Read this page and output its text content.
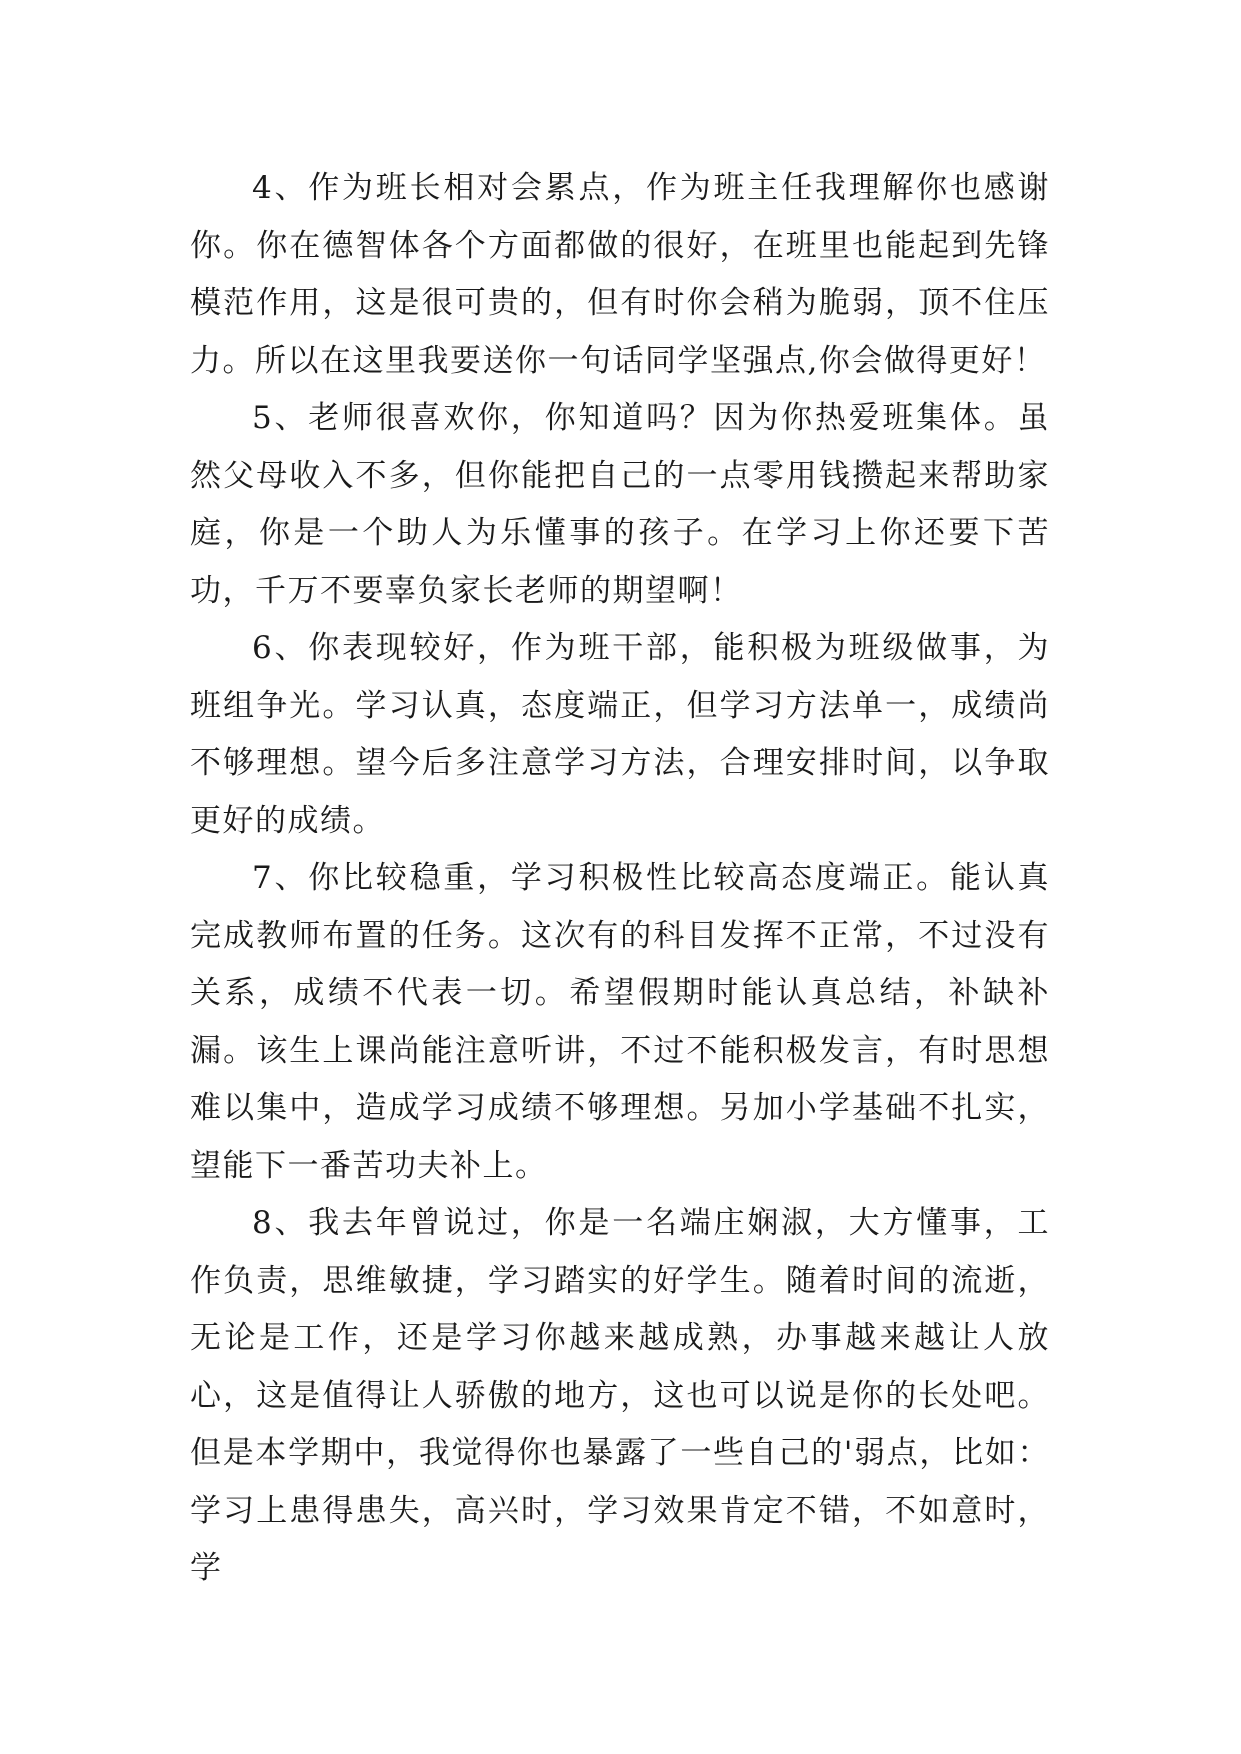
4、作为班长相对会累点，作为班主任我理解你也感谢你。你在德智体各个方面都做的很好，在班里也能起到先锋模范作用，这是很可贵的，但有时你会稍为脆弱，顶不住压力。所以在这里我要送你一句话同学坚强点,你会做得更好！

5、老师很喜欢你，你知道吗？因为你热爱班集体。虽然父母收入不多，但你能把自己的一点零用钱攒起来帮助家庭，你是一个助人为乐懂事的孩子。在学习上你还要下苦功，千万不要辜负家长老师的期望啊！

6、你表现较好，作为班干部，能积极为班级做事，为班组争光。学习认真，态度端正，但学习方法单一，成绩尚不够理想。望今后多注意学习方法，合理安排时间，以争取更好的成绩。

7、你比较稳重，学习积极性比较高态度端正。能认真完成教师布置的任务。这次有的科目发挥不正常，不过没有关系，成绩不代表一切。希望假期时能认真总结，补缺补漏。该生上课尚能注意听讲，不过不能积极发言，有时思想难以集中，造成学习成绩不够理想。另加小学基础不扎实，望能下一番苦功夫补上。

8、我去年曾说过，你是一名端庄娴淑，大方懂事，工作负责，思维敏捷，学习踏实的好学生。随着时间的流逝，无论是工作，还是学习你越来越成熟，办事越来越让人放心，这是值得让人骄傲的地方，这也可以说是你的长处吧。但是本学期中，我觉得你也暴露了一些自己的'弱点，比如：学习上患得患失，高兴时，学习效果肯定不错，不如意时，学
